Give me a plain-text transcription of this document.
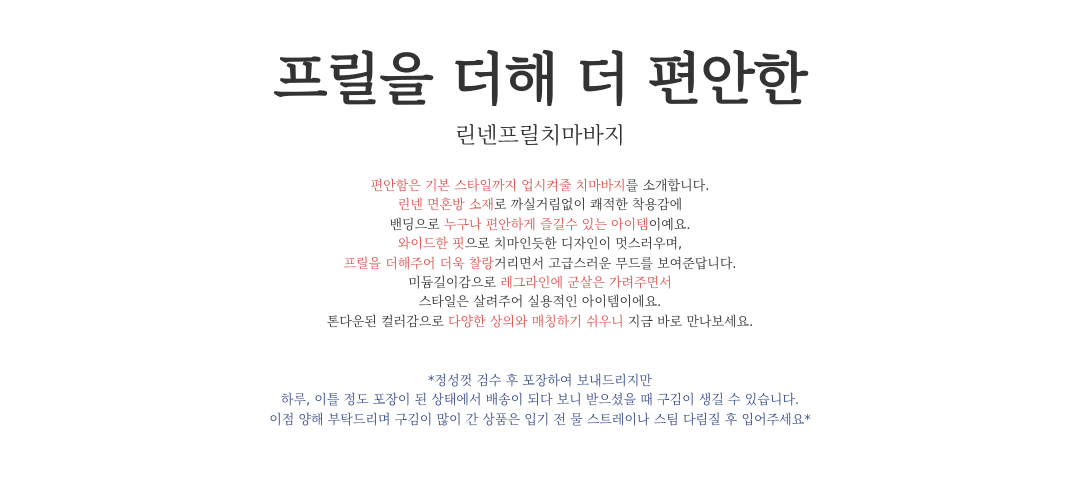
프릴을 더해 더 편안한
린넨프릴치마바지
편안함은 기본 스타일까지 업시켜줄 치마바지를 소개합니다.
린넨 면혼방 소재로 까실거림없이 쾌적한 착용감에
밴딩으로 누구나 편안하게 즐길수 있는 아이템이예요.
와이드한 핏으로 치마인듯한 디자인이 멋스러우며,
프릴을 더해주어 더욱 찰랑거리면서 고급스러운 무드를 보여준답니다.
미듐길이감으로 레그라인에 군살은 가려주면서
스타일은 살려주어 실용적인 아이템이에요.
톤다운된 컬러감으로 다양한 상의와 매칭하기 쉬우니 지금 바로 만나보세요.
*정성껏 검수 후 포장하여 보내드리지만
하루, 이틀 정도 포장이 된 상태에서 배송이 되다 보니 받으셨을 때 구김이 생길 수 있습니다.
이점 양해 부탁드리며 구김이 많이 간 상품은 입기 전 물 스트레이나 스팀 다림질 후 입어주세요*
